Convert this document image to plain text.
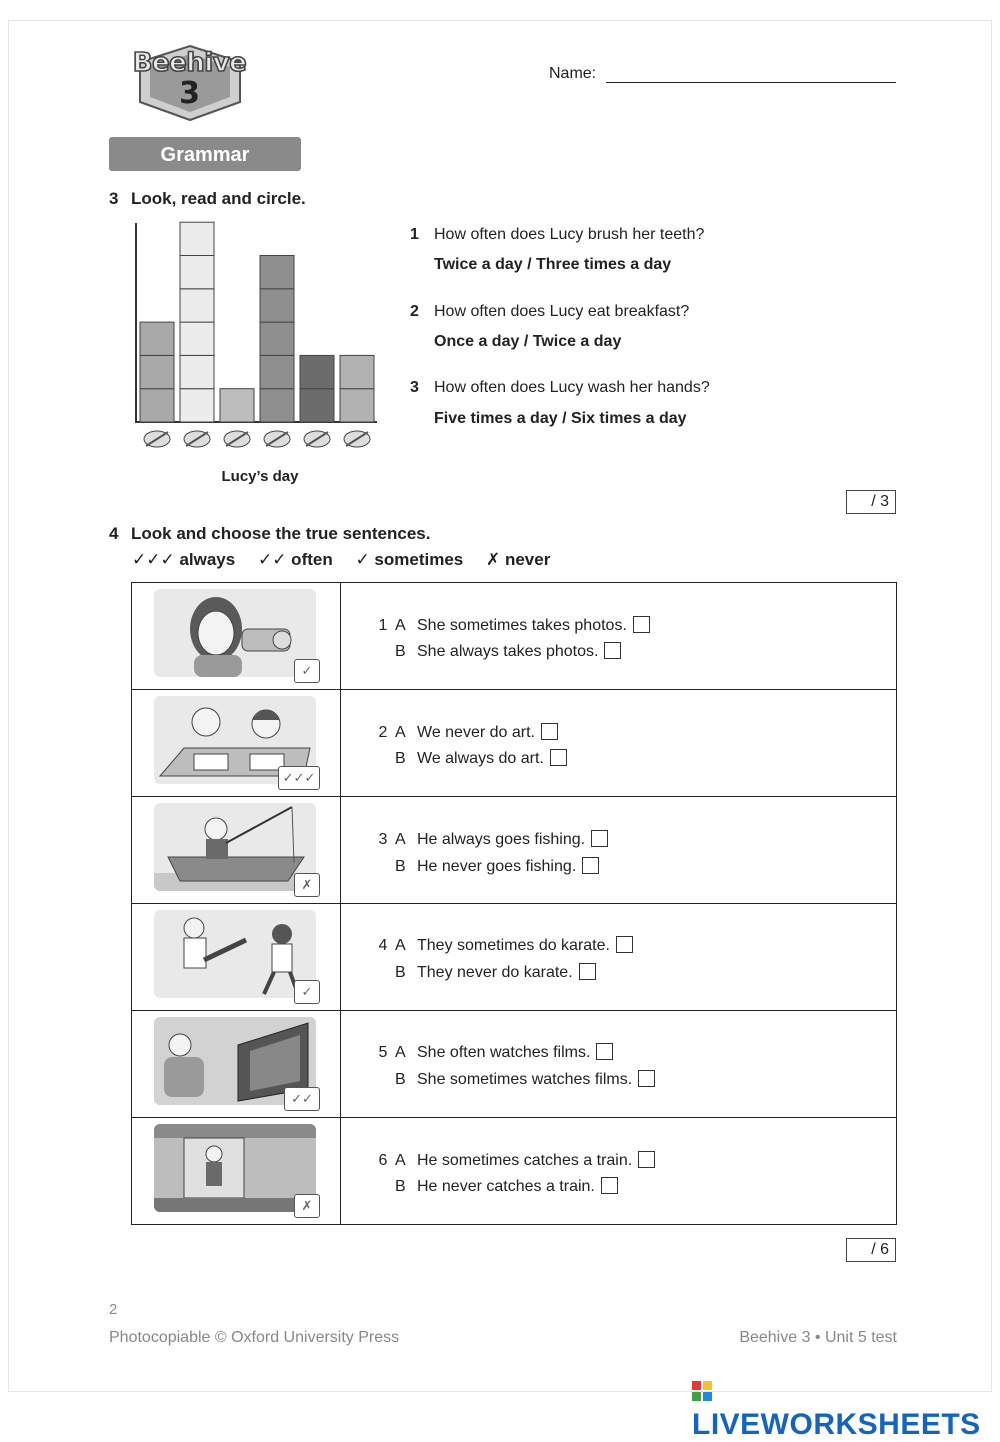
Beehive
3
Name:
Grammar
3 Look, read and circle.
Lucy’s day
1 How often does Lucy brush her teeth?
Twice a day / Three times a day
2 How often does Lucy eat breakfast?
Once a day / Twice a day
3 How often does Lucy wash her hands?
Five times a day / Six times a day
/ 3
4 Look and choose the true sentences.
✓✓✓ always ✓✓ often ✓ sometimes ✗ never
✓	1 A She sometimes takes photos.
B She always takes photos.

✓✓✓	2 A We never do art.
B We always do art.

✗	3 A He always goes fishing.
B He never goes fishing.

✓	4 A They sometimes do karate.
B They never do karate.

✓✓	5 A She often watches films.
B She sometimes watches films.

✗	6 A He sometimes catches a train.
B He never catches a train.
/ 6
2
Photocopiable © Oxford University Press	Beehive 3 • Unit 5 test
LIVEWORKSHEETS
